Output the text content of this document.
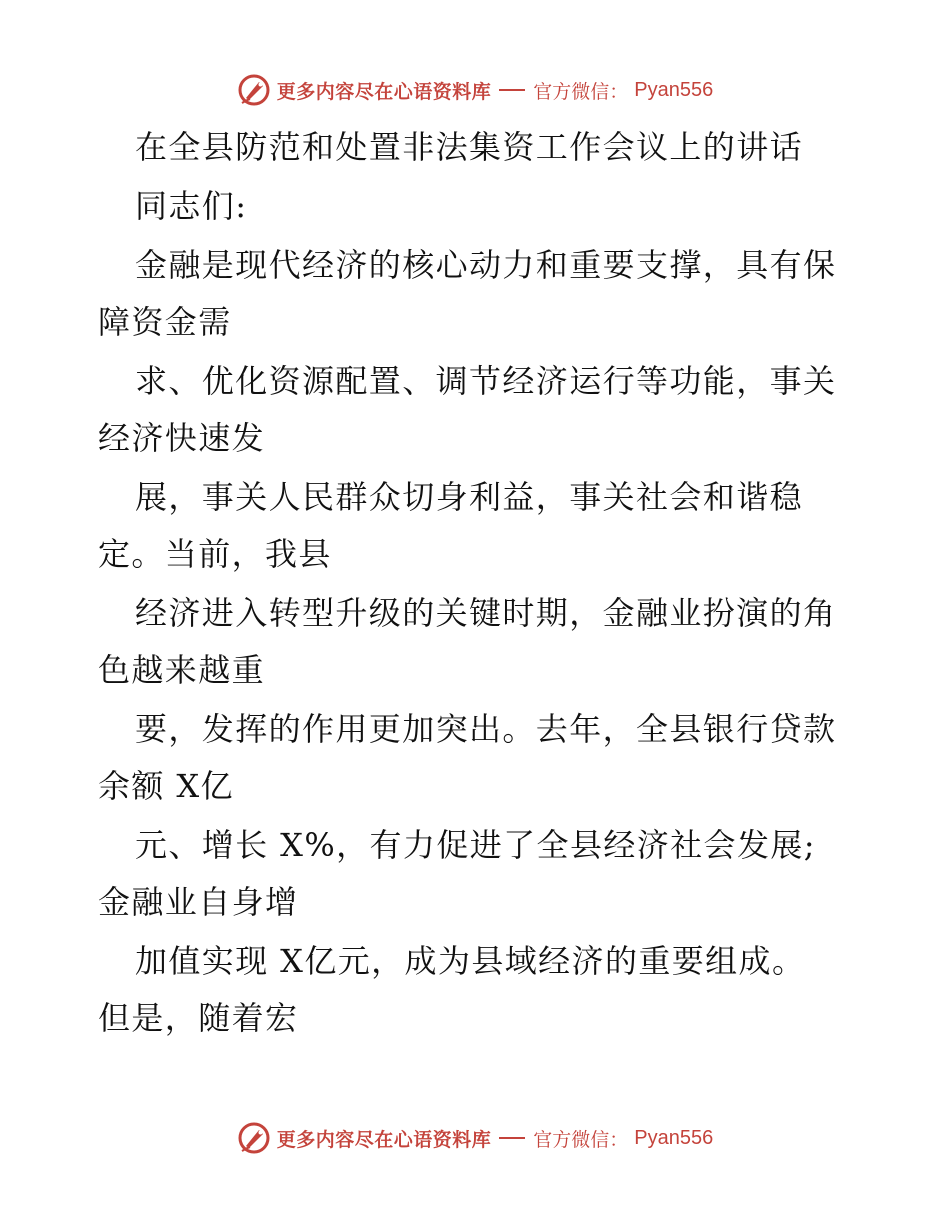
更多内容尽在心语资料库 官方微信： Pyan556
在全县防范和处置非法集资工作会议上的讲话
同志们:
金融是现代经济的核心动力和重要支撑，具有保
障资金需
求、优化资源配置、调节经济运行等功能，事关
经济快速发
展，事关人民群众切身利益，事关社会和谐稳
定。当前，我县
经济进入转型升级的关键时期，金融业扮演的角
色越来越重
要，发挥的作用更加突出。去年，全县银行贷款
余额 X亿
元、增长 X%，有力促进了全县经济社会发展;
金融业自身增
加值实现 X亿元，成为县域经济的重要组成。
但是，随着宏
更多内容尽在心语资料库 官方微信： Pyan556
